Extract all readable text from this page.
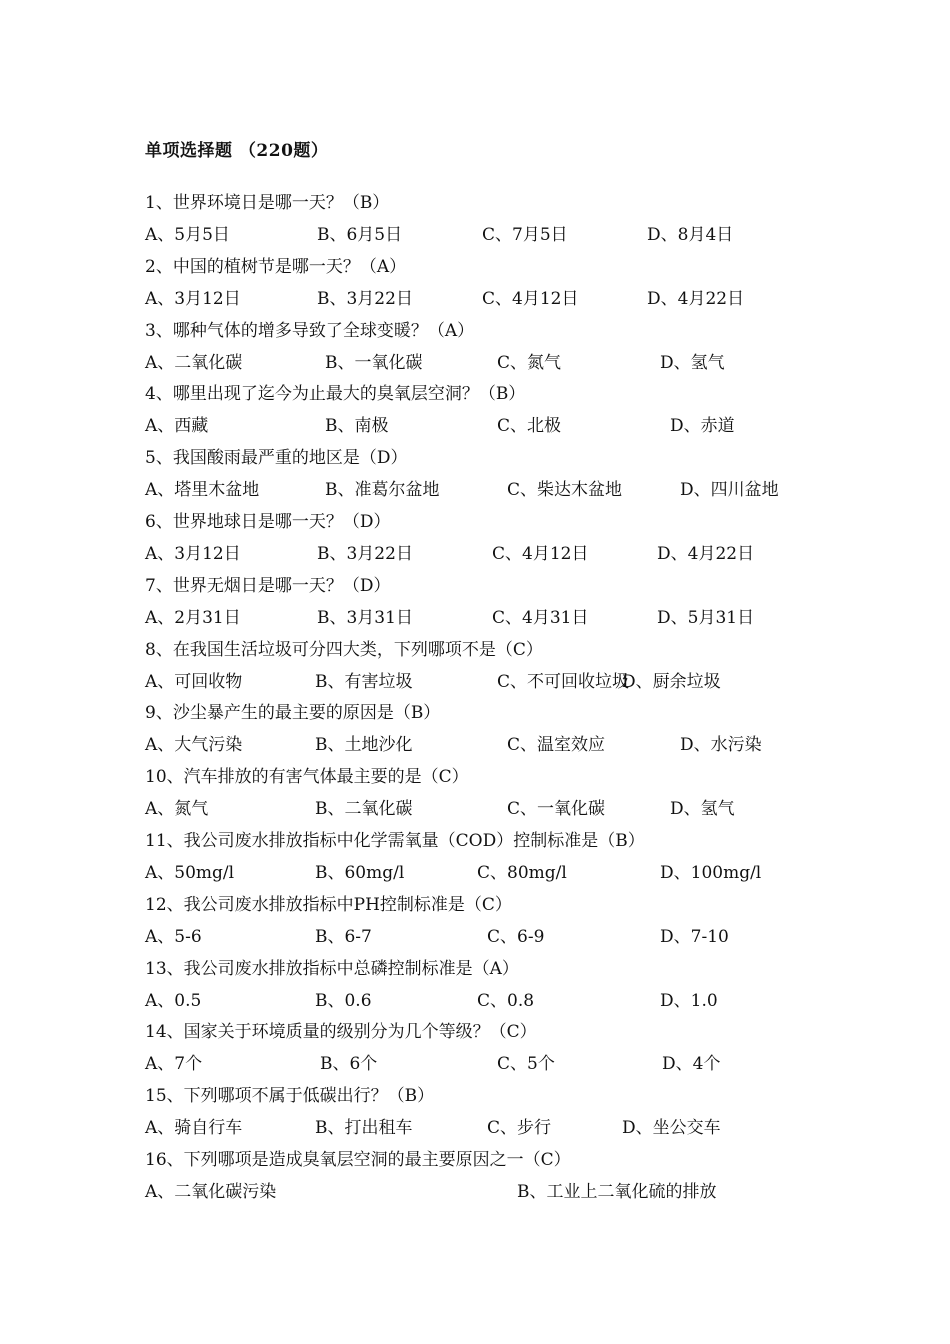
单项选择题 （220题）
1、世界环境日是哪一天？（B）
A、5月5日	B、6月5日	C、7月5日	D、8月4日
2、中国的植树节是哪一天？（A）
A、3月12日	B、3月22日	C、4月12日	D、4月22日
3、哪种气体的增多导致了全球变暖？（A）
A、二氧化碳	B、一氧化碳	C、氮气	D、氢气
4、哪里出现了迄今为止最大的臭氧层空洞？（B）
A、西藏	B、南极	C、北极	D、赤道
5、我国酸雨最严重的地区是（D）
A、塔里木盆地	B、准葛尔盆地	C、柴达木盆地	D、四川盆地
6、世界地球日是哪一天？（D）
A、3月12日	B、3月22日	C、4月12日	D、4月22日
7、世界无烟日是哪一天？（D）
A、2月31日	B、3月31日	C、4月31日	D、5月31日
8、在我国生活垃圾可分四大类，下列哪项不是（C）
A、可回收物	B、有害垃圾	C、不可回收垃圾
D、厨余垃圾
9、沙尘暴产生的最主要的原因是（B）
A、大气污染	B、土地沙化	C、温室效应	D、水污染
10、汽车排放的有害气体最主要的是（C）
A、氮气	B、二氧化碳	C、一氧化碳	D、氢气
11、我公司废水排放指标中化学需氧量（COD）控制标准是（B）
A、50mg/l	B、60mg/l	C、80mg/l	D、100mg/l
12、我公司废水排放指标中PH控制标准是（C）
A、5-6	B、6-7	C、6-9	D、7-10
13、我公司废水排放指标中总磷控制标准是（A）
A、0.5	B、0.6	C、0.8	D、1.0
14、国家关于环境质量的级别分为几个等级？（C）
A、7个	B、6个	C、5个	D、4个
15、下列哪项不属于低碳出行？（B）
A、骑自行车	B、打出租车	C、步行	D、坐公交车
16、下列哪项是造成臭氧层空洞的最主要原因之一（C）
A、二氧化碳污染	B、工业上二氧化硫的排放
